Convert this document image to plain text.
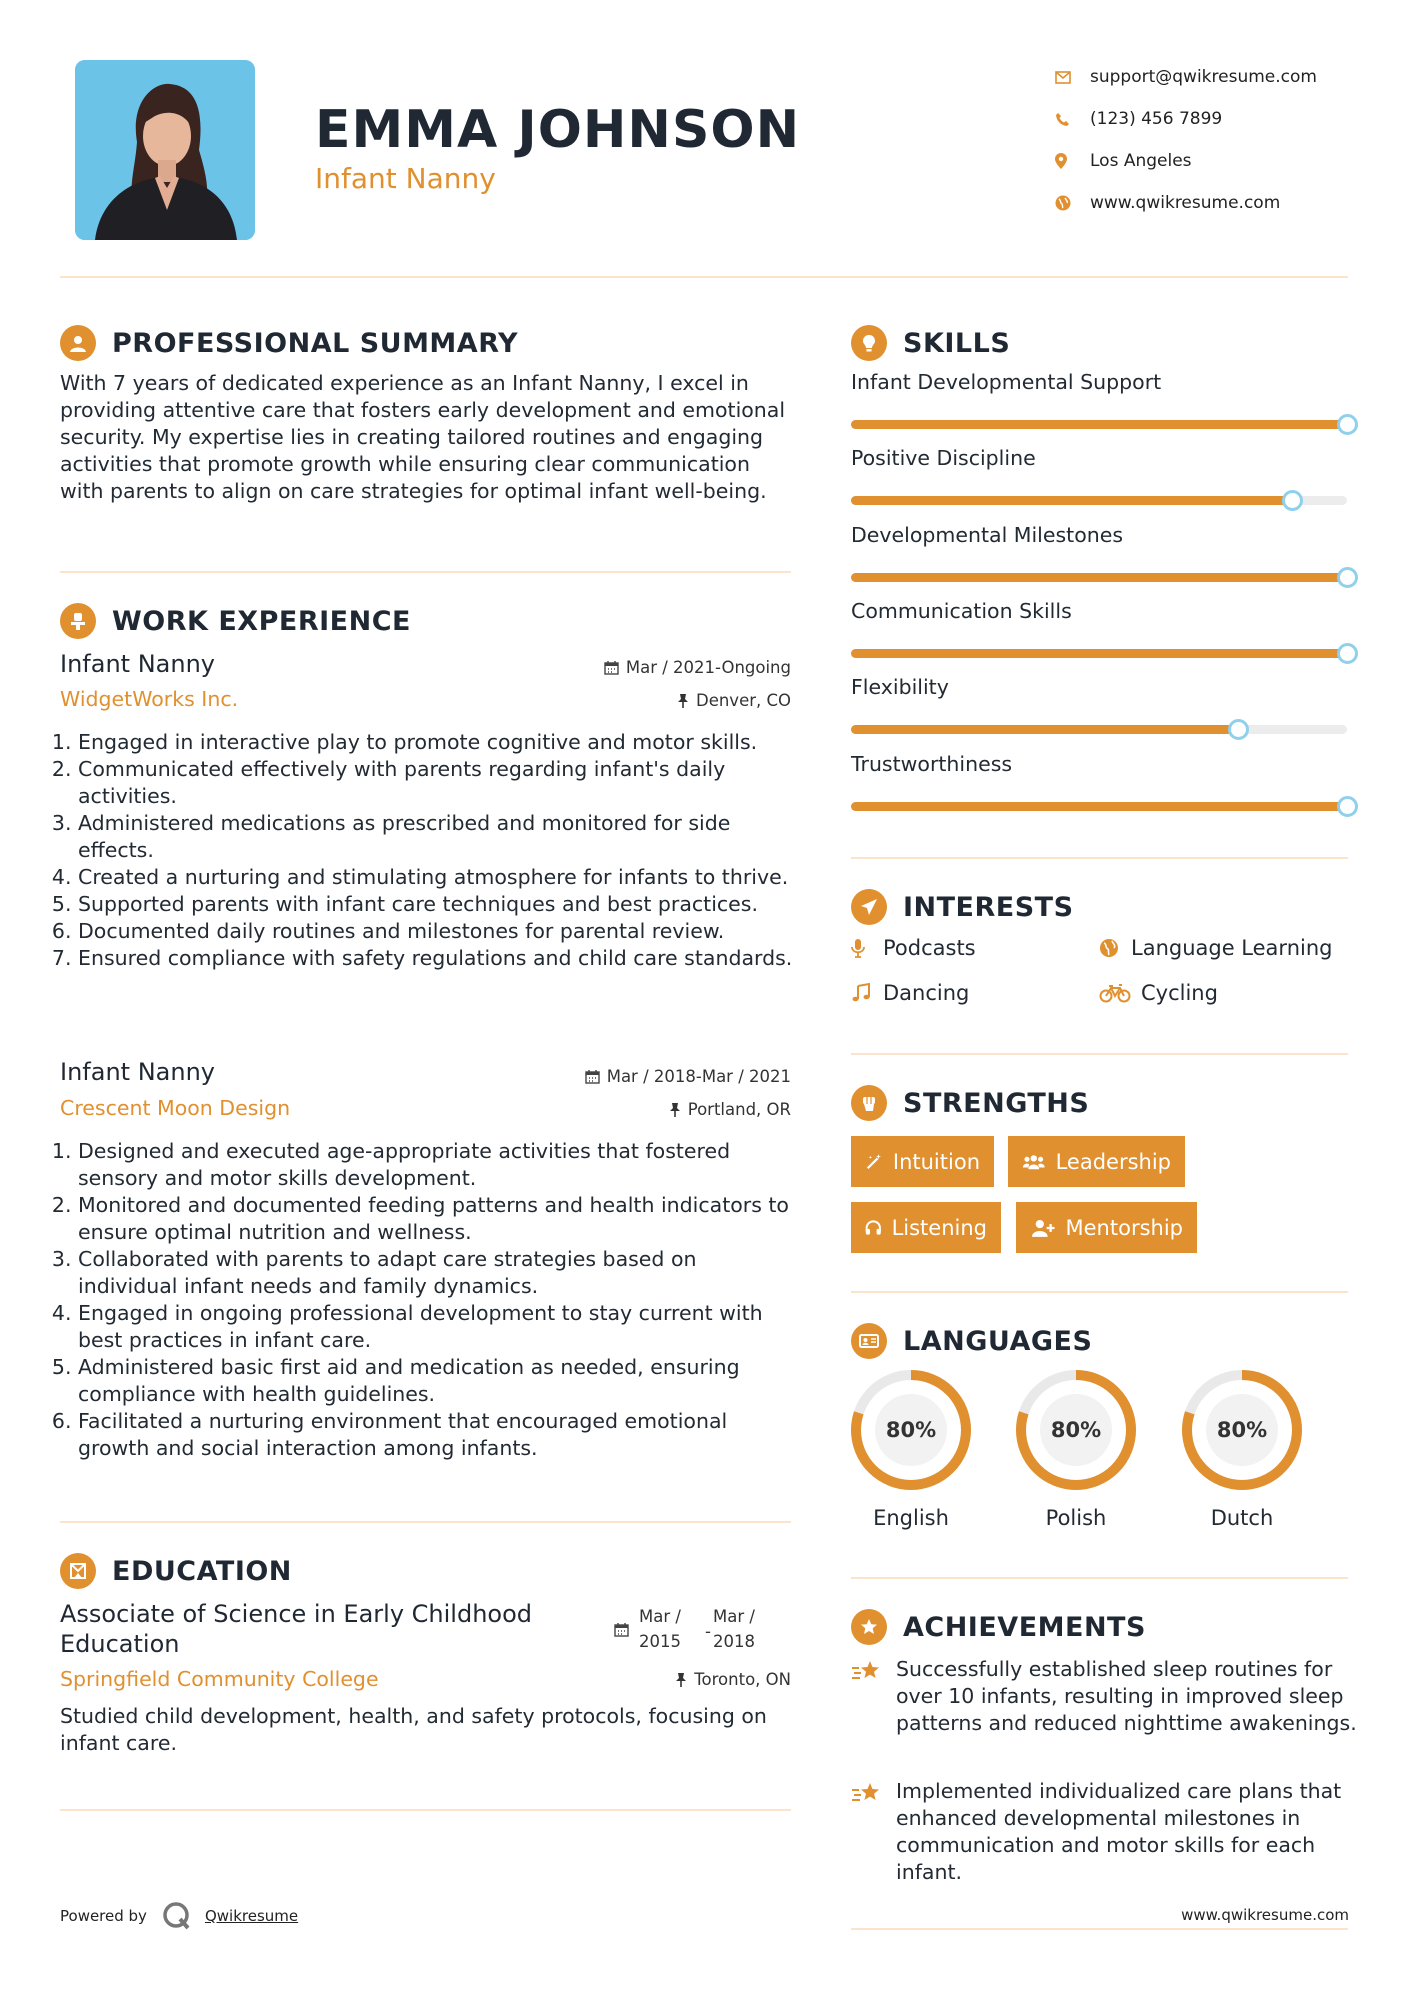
EMMA JOHNSON
Infant Nanny
support@qwikresume.com
(123) 456 7899
Los Angeles
www.qwikresume.com
PROFESSIONAL SUMMARY
With 7 years of dedicated experience as an Infant Nanny, I excel in providing attentive care that fosters early development and emotional security. My expertise lies in creating tailored routines and engaging activities that promote growth while ensuring clear communication with parents to align on care strategies for optimal infant well-being.
WORK EXPERIENCE
Infant Nanny	Mar / 2021-Ongoing
WidgetWorks Inc.	Denver, CO
1. Engaged in interactive play to promote cognitive and motor skills.
2. Communicated effectively with parents regarding infant's daily activities.
3. Administered medications as prescribed and monitored for side effects.
4. Created a nurturing and stimulating atmosphere for infants to thrive.
5. Supported parents with infant care techniques and best practices.
6. Documented daily routines and milestones for parental review.
7. Ensured compliance with safety regulations and child care standards.
Infant Nanny	Mar / 2018-Mar / 2021
Crescent Moon Design	Portland, OR
1. Designed and executed age-appropriate activities that fostered sensory and motor skills development.
2. Monitored and documented feeding patterns and health indicators to ensure optimal nutrition and wellness.
3. Collaborated with parents to adapt care strategies based on individual infant needs and family dynamics.
4. Engaged in ongoing professional development to stay current with best practices in infant care.
5. Administered basic first aid and medication as needed, ensuring compliance with health guidelines.
6. Facilitated a nurturing environment that encouraged emotional growth and social interaction among infants.
EDUCATION
Associate of Science in Early Childhood Education
Mar /
2015
-
Mar /
2018
Springfield Community College	Toronto, ON
Studied child development, health, and safety protocols, focusing on infant care.
SKILLS
Infant Developmental Support
Positive Discipline
Developmental Milestones
Communication Skills
Flexibility
Trustworthiness
INTERESTS
Podcasts	Language Learning
Dancing	Cycling
STRENGTHS
Intuition	Leadership
Listening	Mentorship
LANGUAGES
80%
English
80%
Polish
80%
Dutch
ACHIEVEMENTS
Successfully established sleep routines for over 10 infants, resulting in improved sleep patterns and reduced nighttime awakenings.
Implemented individualized care plans that enhanced developmental milestones in communication and motor skills for each infant.
Powered by	Qwikresume	www.qwikresume.com
